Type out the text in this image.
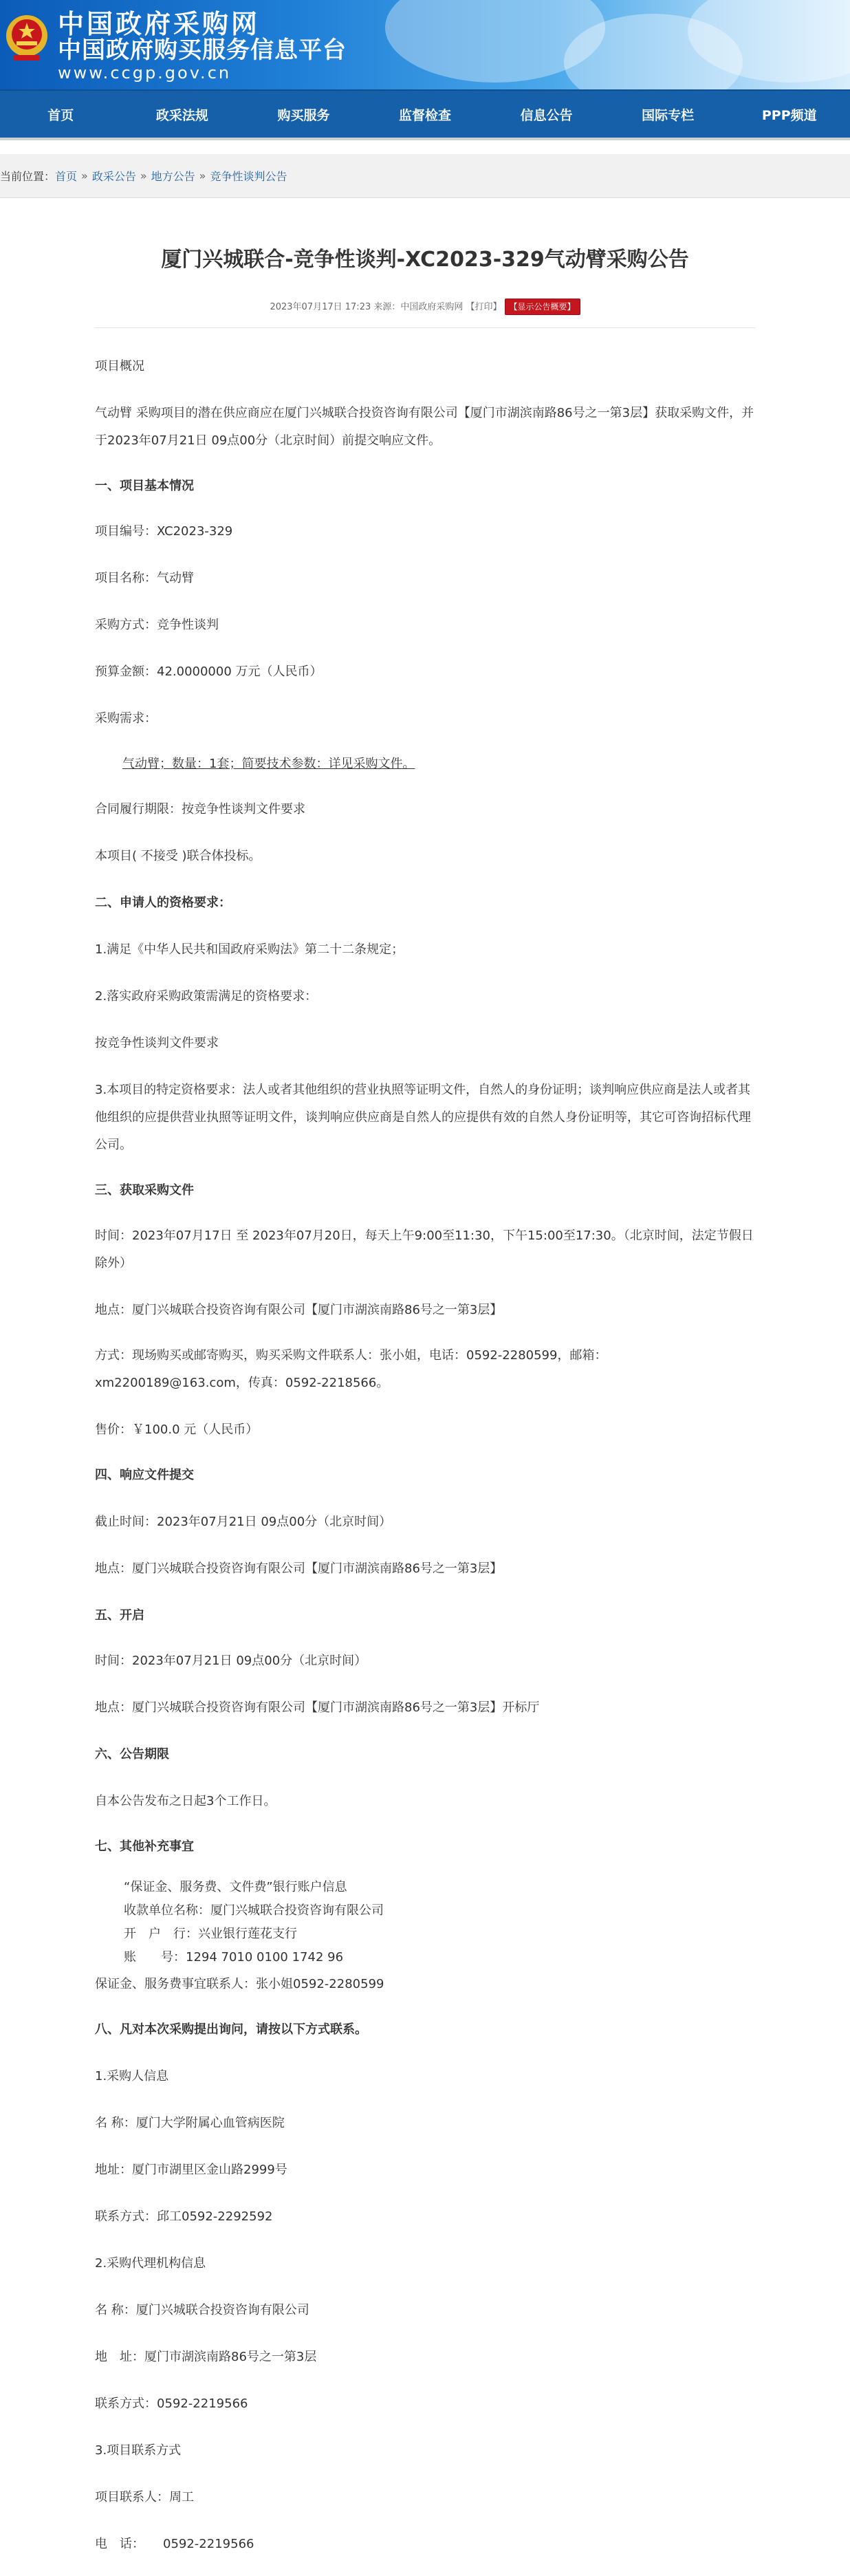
中国政府采购网
中国政府购买服务信息平台
www.ccgp.gov.cn
首页	政采法规	购买服务	监督检查	信息公告	国际专栏	PPP频道
当前位置： 首页 » 政采公告 » 地方公告 » 竞争性谈判公告
厦门兴城联合-竞争性谈判-XC2023-329气动臂采购公告
2023年07月17日 17:23 来源：中国政府采购网 【打印】 【显示公告概要】

项目概况

气动臂 采购项目的潜在供应商应在厦门兴城联合投资咨询有限公司【厦门市湖滨南路86号之一第3层】获取采购文件，并于2023年07月21日 09点00分（北京时间）前提交响应文件。

一、项目基本情况

项目编号：XC2023-329

项目名称：气动臂

采购方式：竞争性谈判

预算金额：42.0000000 万元（人民币）

采购需求：

气动臂；数量：1套；简要技术参数：详见采购文件。

合同履行期限：按竞争性谈判文件要求

本项目( 不接受 )联合体投标。

二、申请人的资格要求：

1.满足《中华人民共和国政府采购法》第二十二条规定；

2.落实政府采购政策需满足的资格要求：

按竞争性谈判文件要求

3.本项目的特定资格要求：法人或者其他组织的营业执照等证明文件，自然人的身份证明；谈判响应供应商是法人或者其他组织的应提供营业执照等证明文件，谈判响应供应商是自然人的应提供有效的自然人身份证明等，其它可咨询招标代理公司。

三、获取采购文件

时间：2023年07月17日 至 2023年07月20日，每天上午9:00至11:30，下午15:00至17:30。（北京时间，法定节假日除外）

地点：厦门兴城联合投资咨询有限公司【厦门市湖滨南路86号之一第3层】

方式：现场购买或邮寄购买，购买采购文件联系人：张小姐，电话：0592-2280599，邮箱：xm2200189@163.com，传真：0592-2218566。

售价：￥100.0 元（人民币）

四、响应文件提交

截止时间：2023年07月21日 09点00分（北京时间）

地点：厦门兴城联合投资咨询有限公司【厦门市湖滨南路86号之一第3层】

五、开启

时间：2023年07月21日 09点00分（北京时间）

地点：厦门兴城联合投资咨询有限公司【厦门市湖滨南路86号之一第3层】开标厅

六、公告期限

自本公告发布之日起3个工作日。

七、其他补充事宜

“保证金、服务费、文件费”银行账户信息

收款单位名称：厦门兴城联合投资咨询有限公司

开　户　行：兴业银行莲花支行

账　　号：1294 7010 0100 1742 96

保证金、服务费事宜联系人：张小姐0592-2280599

八、凡对本次采购提出询问，请按以下方式联系。

1.采购人信息

名 称：厦门大学附属心血管病医院

地址：厦门市湖里区金山路2999号

联系方式：邱工0592-2292592

2.采购代理机构信息

名 称：厦门兴城联合投资咨询有限公司

地　址：厦门市湖滨南路86号之一第3层

联系方式：0592-2219566

3.项目联系方式

项目联系人：周工

电　话：　　0592-2219566
